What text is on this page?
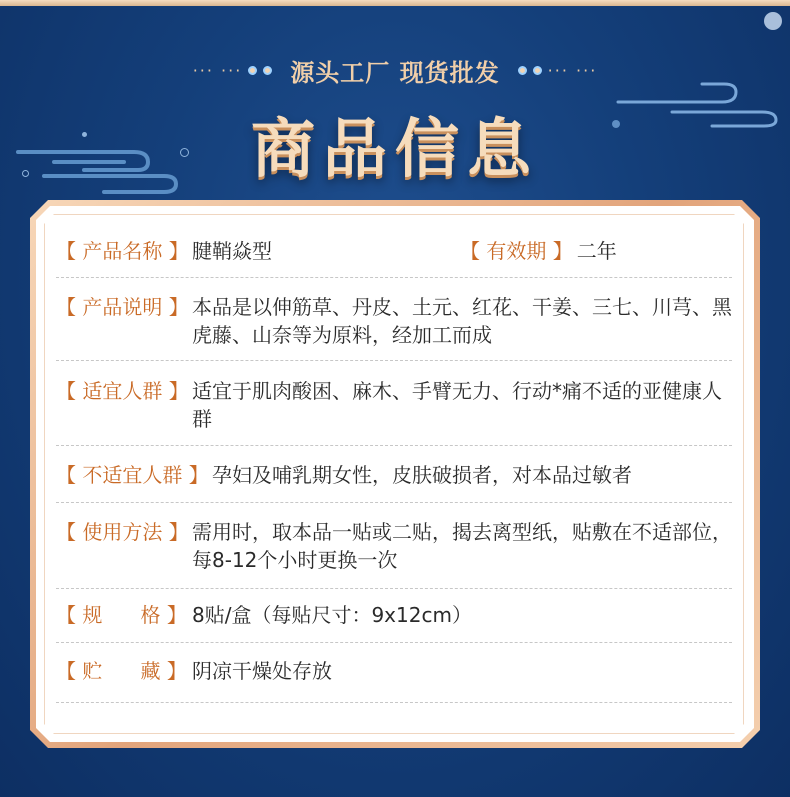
··· ···	源头工厂 现货批发	··· ···
商品信息
【 产品名称 】 腱鞘焱型	【 有效期 】 二年
【 产品说明 】 本品是以伸筋草、丹皮、土元、红花、干姜、三七、川芎、黑虎藤、山奈等为原料，经加工而成
【 适宜人群 】 适宜于肌肉酸困、麻木、手臂无力、行动*痛不适的亚健康人群
【 不适宜人群 】 孕妇及哺乳期女性，皮肤破损者，对本品过敏者
【 使用方法 】 需用时，取本品一贴或二贴，揭去离型纸，贴敷在不适部位，每8-12个小时更换一次
【 规      格 】 8贴/盒（每贴尺寸：9x12cm）
【 贮      藏 】 阴凉干燥处存放
